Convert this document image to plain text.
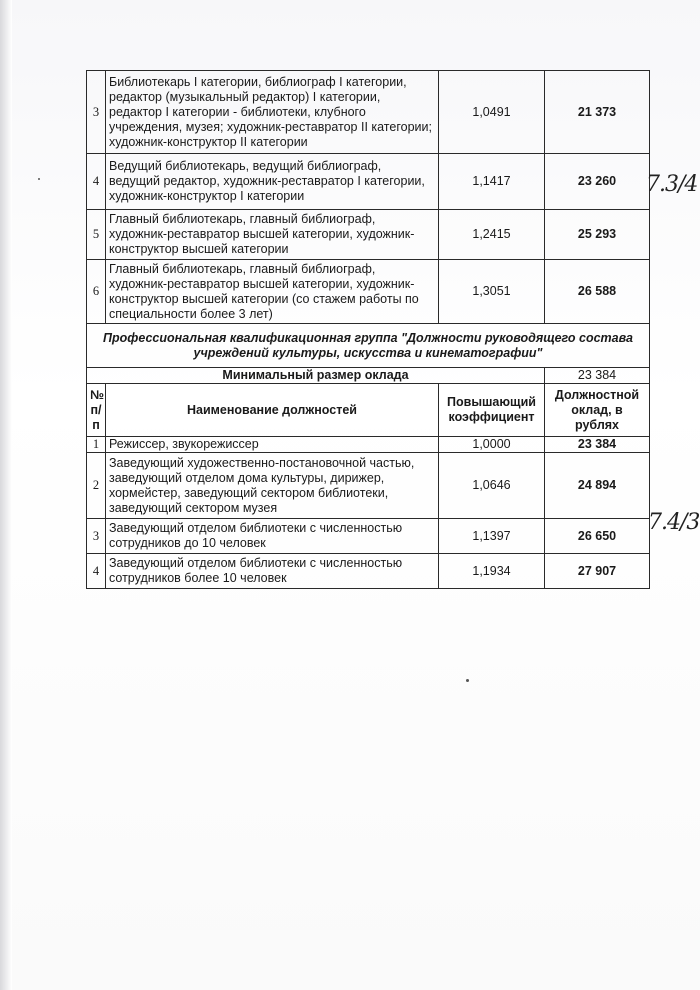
3	Библиотекарь I категории, библиограф I категории, редактор (музыкальный редактор) I категории, редактор I категории - библиотеки, клубного учреждения, музея; художник-реставратор II категории; художник-конструктор II категории	1,0491	21 373
4	Ведущий библиотекарь, ведущий библиограф, ведущий редактор, художник-реставратор I категории, художник-конструктор I категории	1,1417	23 260
5	Главный библиотекарь, главный библиограф, художник-реставратор высшей категории, художник-конструктор высшей категории	1,2415	25 293
6	Главный библиотекарь, главный библиограф, художник-реставратор высшей категории, художник-конструктор высшей категории (со стажем работы по специальности более 3 лет)	1,3051	26 588
Профессиональная квалификационная группа "Должности руководящего состава учреждений культуры, искусства и кинематографии"			
Минимальный размер оклада			23 384
№ п/п	Наименование должностей	Повышающий коэффициент	Должностной оклад, в рублях
1	Режиссер, звукорежиссер	1,0000	23 384
2	Заведующий художественно-постановочной частью, заведующий отделом дома культуры, дирижер, хормейстер, заведующий сектором библиотеки, заведующий сектором музея	1,0646	24 894
3	Заведующий отделом библиотеки с численностью сотрудников до 10 человек	1,1397	26 650
4	Заведующий отделом библиотеки с численностью сотрудников более 10 человек	1,1934	27 907
7.3/4
7.4/3
